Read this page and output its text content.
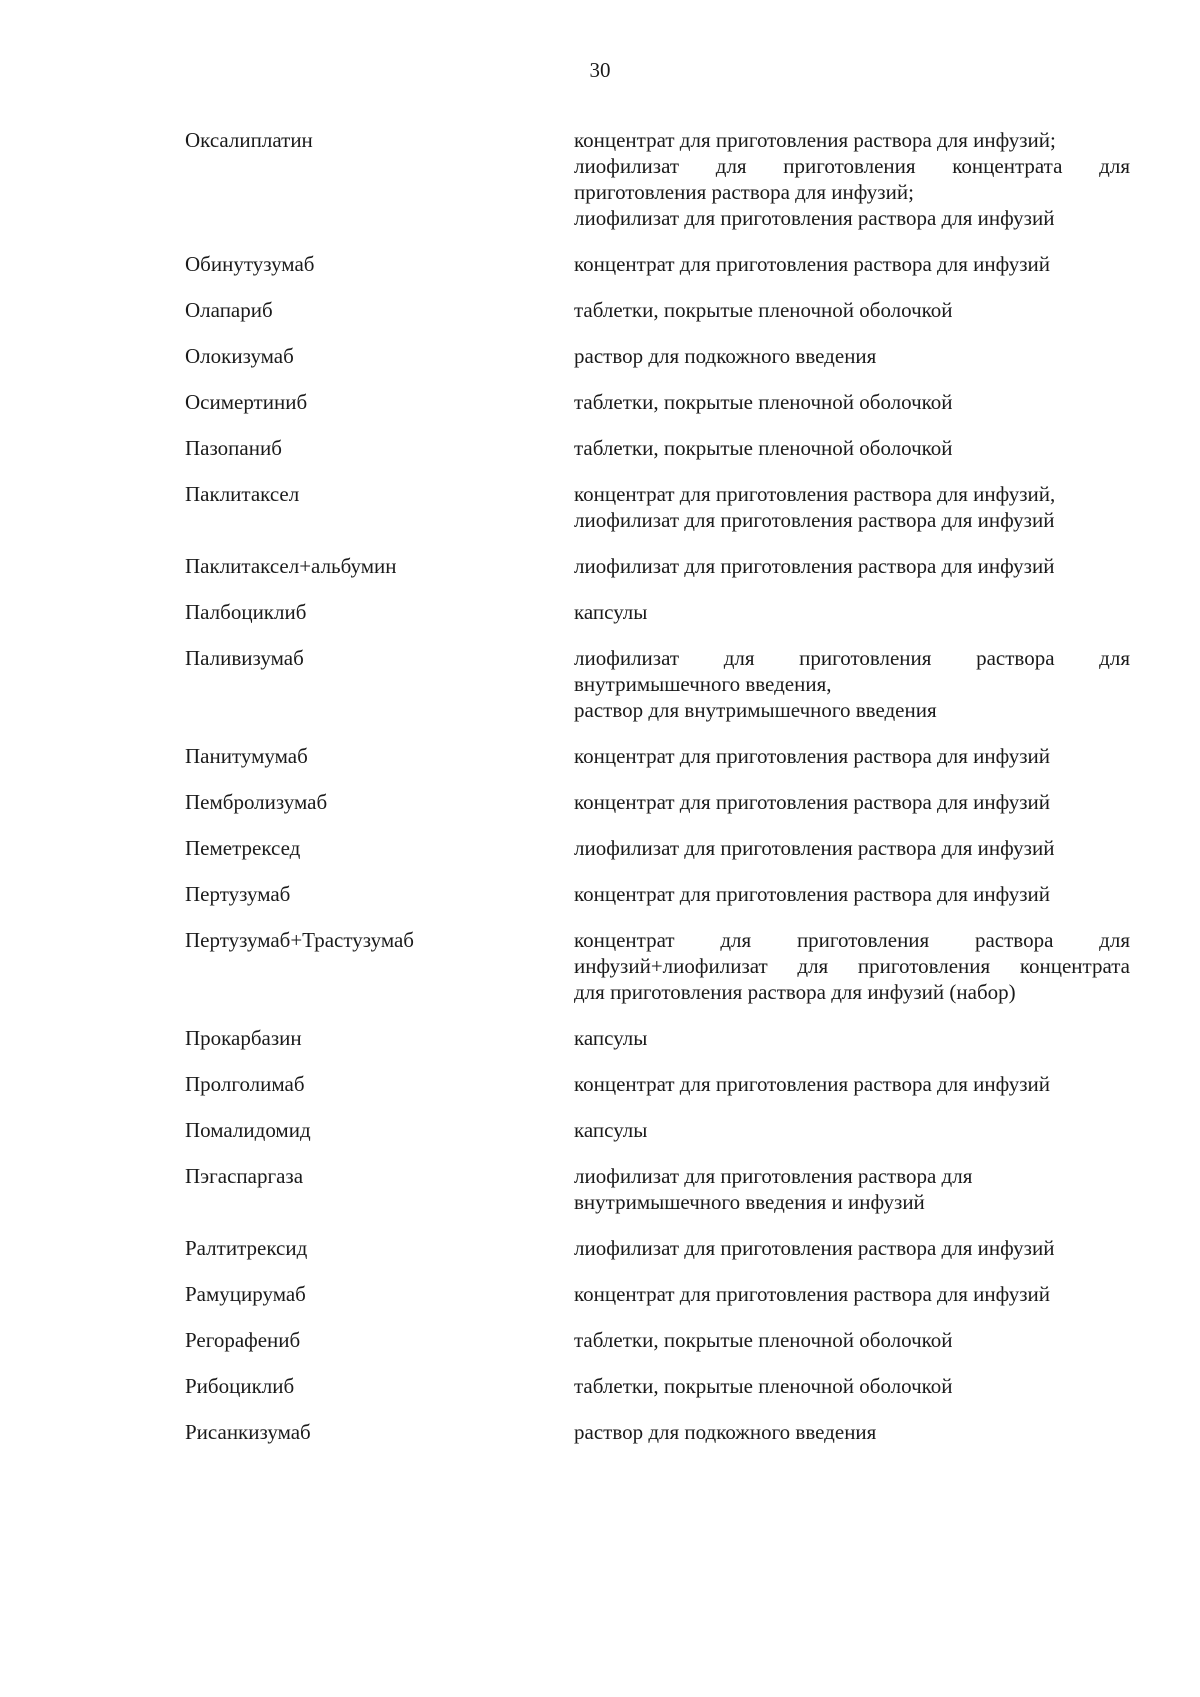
30
Оксалиплатин	концентрат для приготовления раствора для инфузий;
лиофилизат для приготовления концентрата для
приготовления раствора для инфузий;
лиофилизат для приготовления раствора для инфузий
Обинутузумаб	концентрат для приготовления раствора для инфузий
Олапариб	таблетки, покрытые пленочной оболочкой
Олокизумаб	раствор для подкожного введения
Осимертиниб	таблетки, покрытые пленочной оболочкой
Пазопаниб	таблетки, покрытые пленочной оболочкой
Паклитаксел	концентрат для приготовления раствора для инфузий,
лиофилизат для приготовления раствора для инфузий
Паклитаксел+альбумин	лиофилизат для приготовления раствора для инфузий
Палбоциклиб	капсулы
Паливизумаб	лиофилизат для приготовления раствора для
внутримышечного введения,
раствор для внутримышечного введения
Панитумумаб	концентрат для приготовления раствора для инфузий
Пембролизумаб	концентрат для приготовления раствора для инфузий
Пеметрексед	лиофилизат для приготовления раствора для инфузий
Пертузумаб	концентрат для приготовления раствора для инфузий
Пертузумаб+Трастузумаб	концентрат для приготовления раствора для
инфузий+лиофилизат для приготовления концентрата
для приготовления раствора для инфузий (набор)
Прокарбазин	капсулы
Пролголимаб	концентрат для приготовления раствора для инфузий
Помалидомид	капсулы
Пэгаспаргаза	лиофилизат для приготовления раствора для
внутримышечного введения и инфузий
Ралтитрексид	лиофилизат для приготовления раствора для инфузий
Рамуцирумаб	концентрат для приготовления раствора для инфузий
Регорафениб	таблетки, покрытые пленочной оболочкой
Рибоциклиб	таблетки, покрытые пленочной оболочкой
Рисанкизумаб	раствор для подкожного введения
